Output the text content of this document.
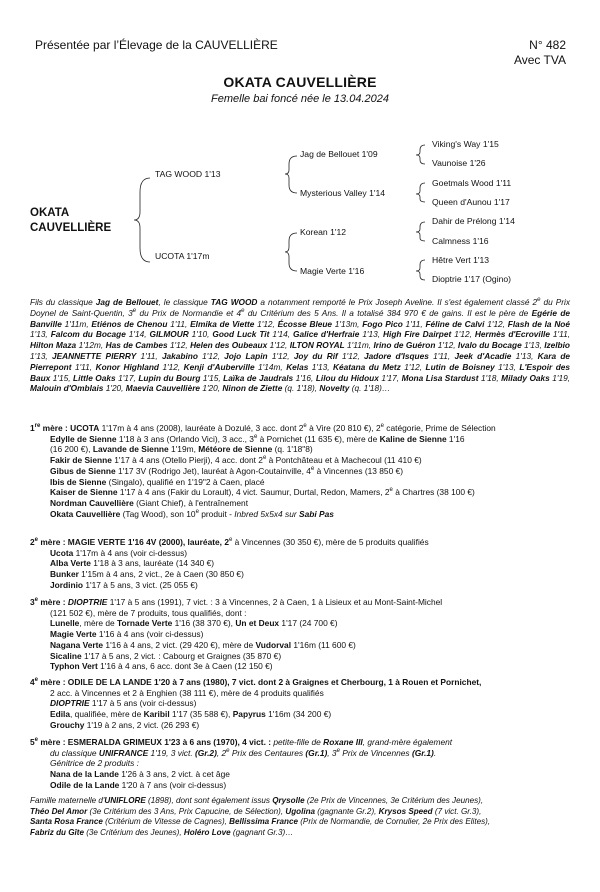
Présentée par l’Élevage de la CAUVELLIÈRE	N° 482
Avec TVA
OKATA CAUVELLIÈRE
Femelle bai foncé née le 13.04.2024
OKATA
CAUVELLIÈRE
TAG WOOD 1'13
UCOTA 1'17m
Jag de Bellouet 1'09
Mysterious Valley 1'14
Korean 1'12
Magie Verte 1'16
Viking's Way 1'15
Vaunoise 1'26
Goetmals Wood 1'11
Queen d'Aunou 1'17
Dahir de Prélong 1'14
Calmness 1'16
Hêtre Vert 1'13
Dioptrie 1'17 (Ogino)

Fils du classique Jag de Bellouet, le classique TAG WOOD a notamment remporté le Prix Joseph Aveline. Il s'est également classé 2e du Prix Doynel de Saint-Quentin, 3e du Prix de Normandie et 4e du Critérium des 5 Ans. Il a totalisé 384 970 € de gains. Il est le père de Egérie de Banville 1'11m, Etiénos de Chenou 1'11, Elmika de Viette 1'12, Écosse Bleue 1'13m, Fogo Pico 1'11, Féline de Calvi 1'12, Flash de la Noé 1'13, Falcom du Bocage 1'14, GILMOUR 1'10, Good Luck Tit 1'14, Galice d'Herfraie 1'13, High Fire Dairpet 1'12, Hermès d'Ecroville 1'11, Hilton Maza 1'12m, Has de Cambes 1'12, Helen des Oubeaux 1'12, ILTON ROYAL 1'11m, Irino de Guéron 1'12, Ivalo du Bocage 1'13, Izelbio 1'13, JEANNETTE PIERRY 1'11, Jakabino 1'12, Jojo Lapin 1'12, Joy du Rif 1'12, Jadore d'Isques 1'11, Jeek d'Acadie 1'13, Kara de Pierrepont 1'11, Konor Highland 1'12, Kenji d'Auberville 1'14m, Kelas 1'13, Kéatana du Metz 1'12, Lutin de Boisney 1'13, L'Espoir des Baux 1'15, Little Oaks 1'17, Lupin du Bourg 1'15, Laïka de Jaudrals 1'16, Lilou du Hidoux 1'17, Mona Lisa Stardust 1'18, Milady Oaks 1'19, Malouin d'Omblais 1'20, Maevia Cauvellière 1'20, Ninon de Ziette (q. 1'18), Novelty (q. 1'18)…

1re mère : UCOTA 1'17m à 4 ans (2008), lauréate à Dozulé, 3 acc. dont 2e à Vire (20 810 €), 2e catégorie, Prime de Sélection
Edylle de Sienne 1'18 à 3 ans (Orlando Vici), 3 acc., 3e à Pornichet (11 635 €), mère de Kaline de Sienne 1'16
(16 200 €), Lavande de Sienne 1'19m, Météore de Sienne (q. 1'18"8)
Fakir de Sienne 1'17 à 4 ans (Otello Pierji), 4 acc. dont 2e à Pontchâteau et à Machecoul (11 410 €)
Gibus de Sienne 1'17 3V (Rodrigo Jet), lauréat à Agon-Coutainville, 4e à Vincennes (13 850 €)
Ibis de Sienne (Singalo), qualifié en 1'19"2 à Caen, placé
Kaiser de Sienne 1'17 à 4 ans (Fakir du Lorault), 4 vict. Saumur, Durtal, Redon, Mamers, 2e à Chartres (38 100 €)
Nordman Cauvellière (Giant Chief), à l'entraînement
Okata Cauvellière (Tag Wood), son 10e produit - Inbred 5x5x4 sur Sabi Pas
2e mère : MAGIE VERTE 1'16 4V (2000), lauréate, 2e à Vincennes (30 350 €), mère de 5 produits qualifiés
Ucota 1'17m à 4 ans (voir ci-dessus)
Alba Verte 1'18 à 3 ans, lauréate (14 340 €)
Bunker 1'15m à 4 ans, 2 vict., 2e à Caen (30 850 €)
Jordinio 1'17 à 5 ans, 3 vict. (25 055 €)
3e mère : DIOPTRIE 1'17 à 5 ans (1991), 7 vict. : 3 à Vincennes, 2 à Caen, 1 à Lisieux et au Mont-Saint-Michel
(121 502 €), mère de 7 produits, tous qualifiés, dont :
Lunelle, mère de Tornade Verte 1'16 (38 370 €), Un et Deux 1'17 (24 700 €)
Magie Verte 1'16 à 4 ans (voir ci-dessus)
Nagana Verte 1'16 à 4 ans, 2 vict. (29 420 €), mère de Vudorval 1'16m (11 600 €)
Sicaline 1'17 à 5 ans, 2 vict. : Cabourg et Graignes (35 870 €)
Typhon Vert 1'16 à 4 ans, 6 acc. dont 3e à Caen (12 150 €)
4e mère : ODILE DE LA LANDE 1'20 à 7 ans (1980), 7 vict. dont 2 à Graignes et Cherbourg, 1 à Rouen et Pornichet,
2 acc. à Vincennes et 2 à Enghien (38 111 €), mère de 4 produits qualifiés
DIOPTRIE 1'17 à 5 ans (voir ci-dessus)
Edila, qualifiée, mère de Karibil 1'17 (35 588 €), Papyrus 1'16m (34 200 €)
Grouchy 1'19 à 2 ans, 2 vict. (26 293 €)
5e mère : ESMERALDA GRIMEUX 1'23 à 6 ans (1970), 4 vict. : petite-fille de Roxane III, grand-mère également
du classique UNIFRANCE 1'19, 3 vict. (Gr.2), 2e Prix des Centaures (Gr.1), 3e Prix de Vincennes (Gr.1).
Génitrice de 2 produits :
Nana de la Lande 1'26 à 3 ans, 2 vict. à cet âge
Odile de la Lande 1'20 à 7 ans (voir ci-dessus)
Famille maternelle d'UNIFLORE (1898), dont sont également issus Qrysolle (2e Prix de Vincennes, 3e Critérium des Jeunes),
Théo Del Amor (3e Critérium des 3 Ans, Prix Capucine, de Sélection), Ugolina (gagnante Gr.2), Krysos Speed (7 vict. Gr.3),
Santa Rosa France (Critérium de Vitesse de Cagnes), Bellissima France (Prix de Normandie, de Cornulier, 2e Prix des Elites),
Fabriz du Gîte (3e Critérium des Jeunes), Holéro Love (gagnant Gr.3)…
